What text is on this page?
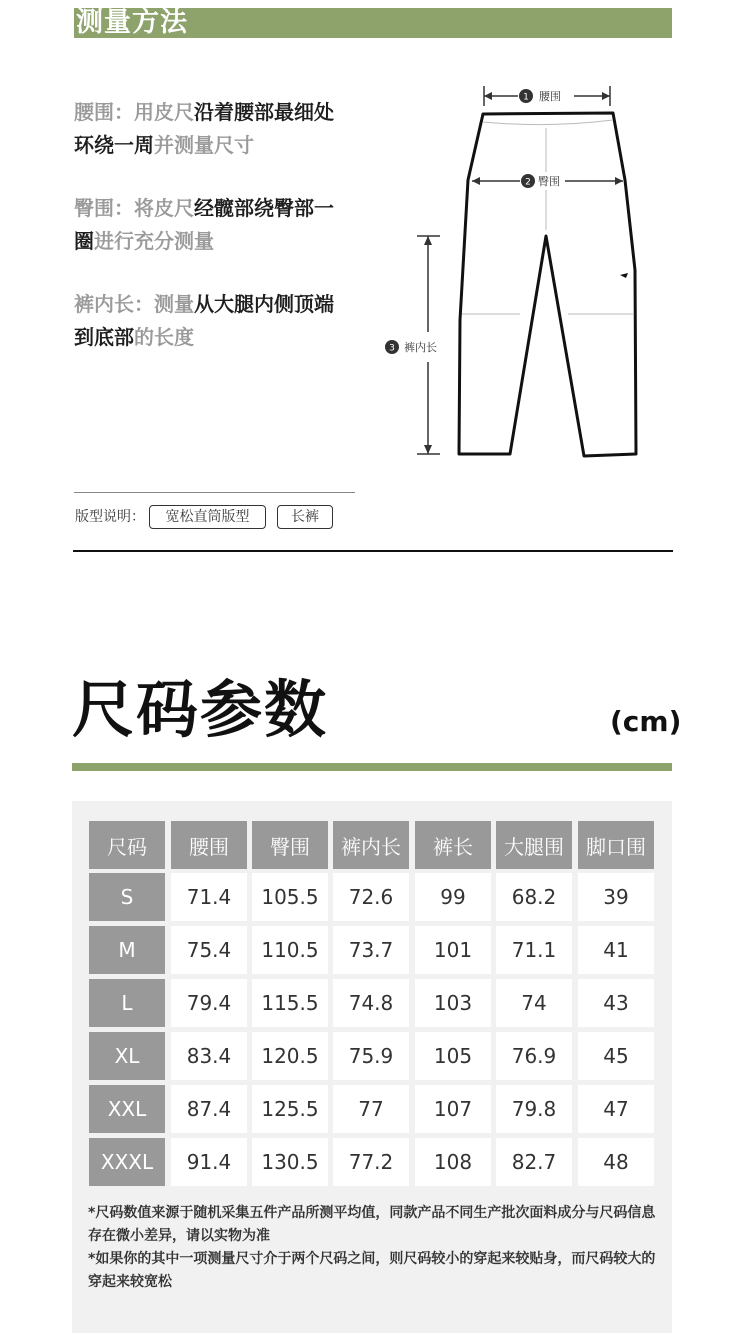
测量方法
腰围：用皮尺沿着腰部最细处环绕一周并测量尺寸
臀围：将皮尺经髋部绕臀部一圈进行充分测量
裤内长：测量从大腿内侧顶端到底部的长度
1 腰围
2 臀围
3 裤内长
版型说明：	宽松直筒版型	长裤
尺码参数	(cm)
尺码	腰围	臀围	裤内长	裤长	大腿围	脚口围
S	71.4	105.5	72.6	99	68.2	39
M	75.4	110.5	73.7	101	71.1	41
L	79.4	115.5	74.8	103	74	43
XL	83.4	120.5	75.9	105	76.9	45
XXL	87.4	125.5	77	107	79.8	47
XXXL	91.4	130.5	77.2	108	82.7	48

*尺码数值来源于随机采集五件产品所测平均值，同款产品不同生产批次面料成分与尺码信息存在微小差异，请以实物为准

*如果你的其中一项测量尺寸介于两个尺码之间，则尺码较小的穿起来较贴身，而尺码较大的穿起来较宽松
